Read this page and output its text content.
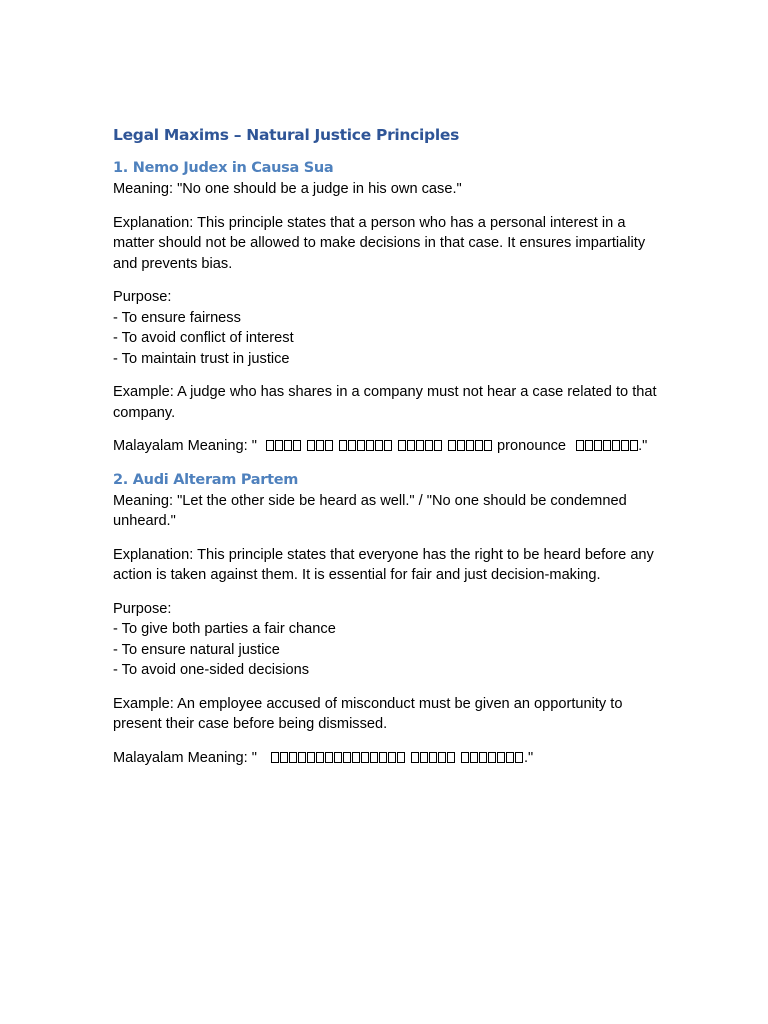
Legal Maxims – Natural Justice Principles
1. Nemo Judex in Causa Sua

Meaning: "No one should be a judge in his own case."

Explanation: This principle states that a person who has a personal interest in a matter should not be allowed to make decisions in that case. It ensures impartiality and prevents bias.

Purpose:
- To ensure fairness
- To avoid conflict of interest
- To maintain trust in justice

Example: A judge who has shares in a company must not hear a case related to that company.

Malayalam Meaning: "	pronounce	."

2. Audi Alteram Partem

Meaning: "Let the other side be heard as well." / "No one should be condemned unheard."

Explanation: This principle states that everyone has the right to be heard before any action is taken against them. It is essential for fair and just decision-making.

Purpose:
- To give both parties a fair chance
- To ensure natural justice
- To avoid one-sided decisions

Example: An employee accused of misconduct must be given an opportunity to present their case before being dismissed.

Malayalam Meaning: "	."
